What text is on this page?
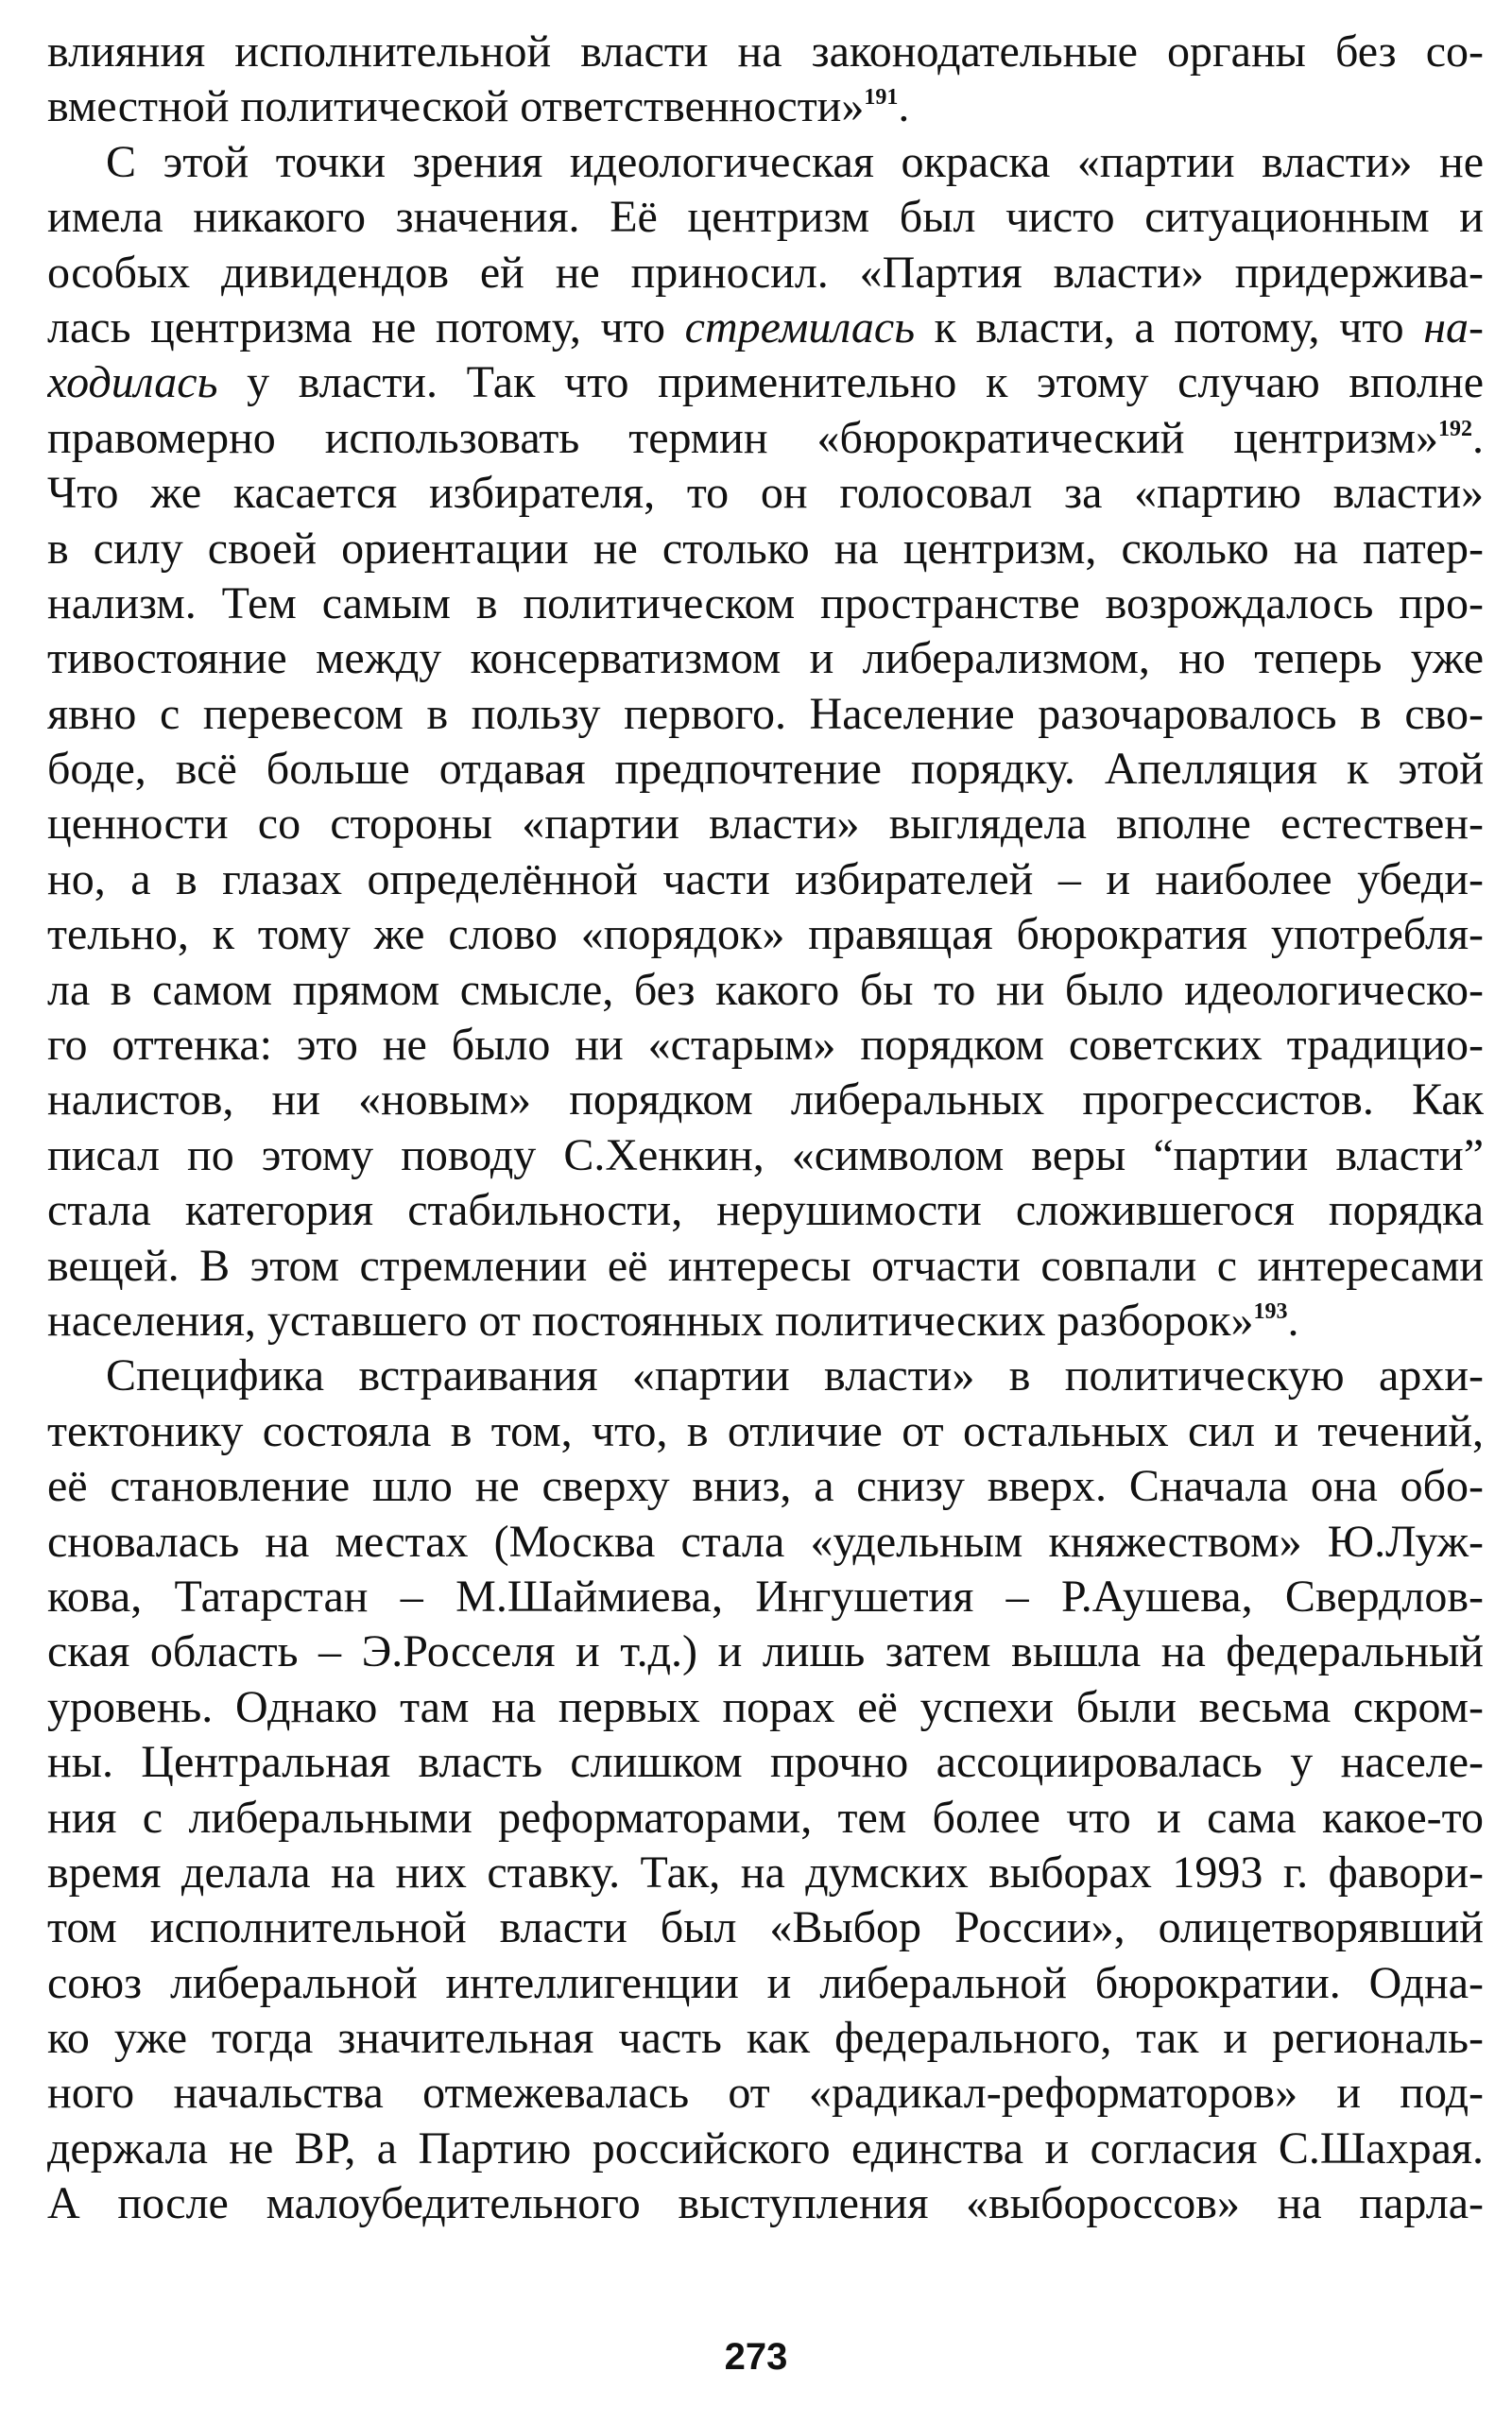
влияния исполнительной власти на законодательные органы без со-
вместной политической ответственности»$^{191}$.
С этой точки зрения идеологическая окраска «партии власти» не
имела никакого значения. Её центризм был чисто ситуационным и
особых дивидендов ей не приносил. «Партия власти» придержива-
лась центризма не потому, что стремилась к власти, а потому, что на-
ходилась у власти. Так что применительно к этому случаю вполне
правомерно использовать термин «бюрократический центризм»$^{192}$.
Что же касается избирателя, то он голосовал за «партию власти»
в силу своей ориентации не столько на центризм, сколько на патер-
нализм. Тем самым в политическом пространстве возрождалось про-
тивостояние между консерватизмом и либерализмом, но теперь уже
явно с перевесом в пользу первого. Население разочаровалось в сво-
боде, всё больше отдавая предпочтение порядку. Апелляция к этой
ценности со стороны «партии власти» выглядела вполне естествен-
но, а в глазах определённой части избирателей – и наиболее убеди-
тельно, к тому же слово «порядок» правящая бюрократия употребля-
ла в самом прямом смысле, без какого бы то ни было идеологическо-
го оттенка: это не было ни «старым» порядком советских традицио-
налистов, ни «новым» порядком либеральных прогрессистов. Как
писал по этому поводу С.Хенкин, «символом веры “партии власти”
стала категория стабильности, нерушимости сложившегося порядка
вещей. В этом стремлении её интересы отчасти совпали с интересами
населения, уставшего от постоянных политических разборок»$^{193}$.
Специфика встраивания «партии власти» в политическую архи-
тектонику состояла в том, что, в отличие от остальных сил и течений,
её становление шло не сверху вниз, а снизу вверх. Сначала она обо-
сновалась на местах (Москва стала «удельным княжеством» Ю.Луж-
кова, Татарстан – М.Шаймиева, Ингушетия – Р.Аушева, Свердлов-
ская область – Э.Росселя и т.д.) и лишь затем вышла на федеральный
уровень. Однако там на первых порах её успехи были весьма скром-
ны. Центральная власть слишком прочно ассоциировалась у населе-
ния с либеральными реформаторами, тем более что и сама какое-то
время делала на них ставку. Так, на думских выборах 1993 г. фавори-
том исполнительной власти был «Выбор России», олицетворявший
союз либеральной интеллигенции и либеральной бюрократии. Одна-
ко уже тогда значительная часть как федерального, так и региональ-
ного начальства отмежевалась от «радикал-реформаторов» и под-
держала не ВР, а Партию российского единства и согласия С.Шахрая.
А после малоубедительного выступления «выбороссов» на парла-
273
